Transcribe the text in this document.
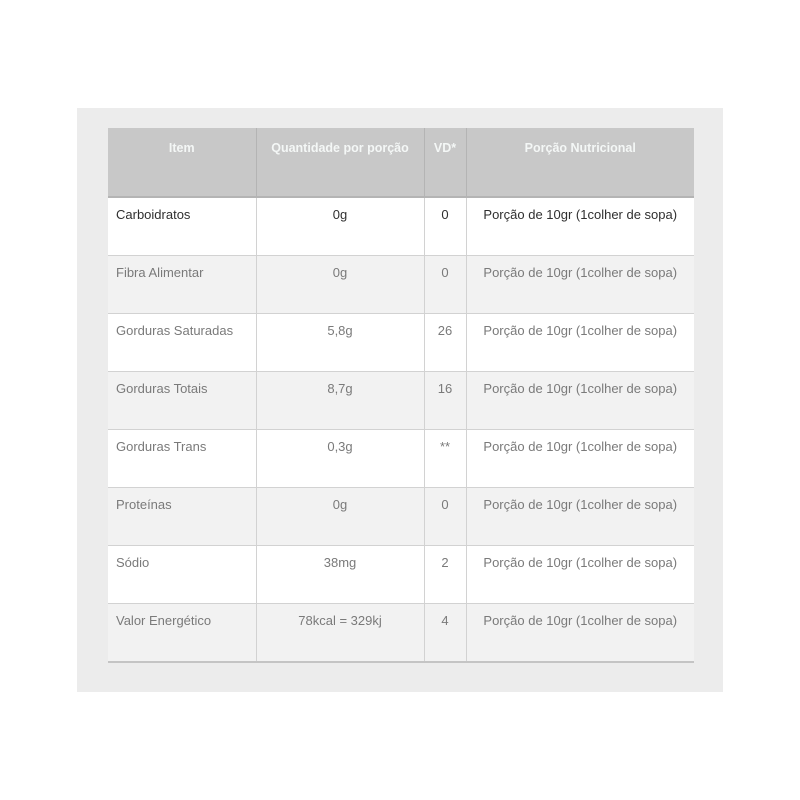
Item	Quantidade por porção	VD*	Porção Nutricional
Carboidratos	0g	0	Porção de 10gr (1colher de sopa)
Fibra Alimentar	0g	0	Porção de 10gr (1colher de sopa)
Gorduras Saturadas	5,8g	26	Porção de 10gr (1colher de sopa)
Gorduras Totais	8,7g	16	Porção de 10gr (1colher de sopa)
Gorduras Trans	0,3g	**	Porção de 10gr (1colher de sopa)
Proteínas	0g	0	Porção de 10gr (1colher de sopa)
Sódio	38mg	2	Porção de 10gr (1colher de sopa)
Valor Energético	78kcal = 329kj	4	Porção de 10gr (1colher de sopa)
